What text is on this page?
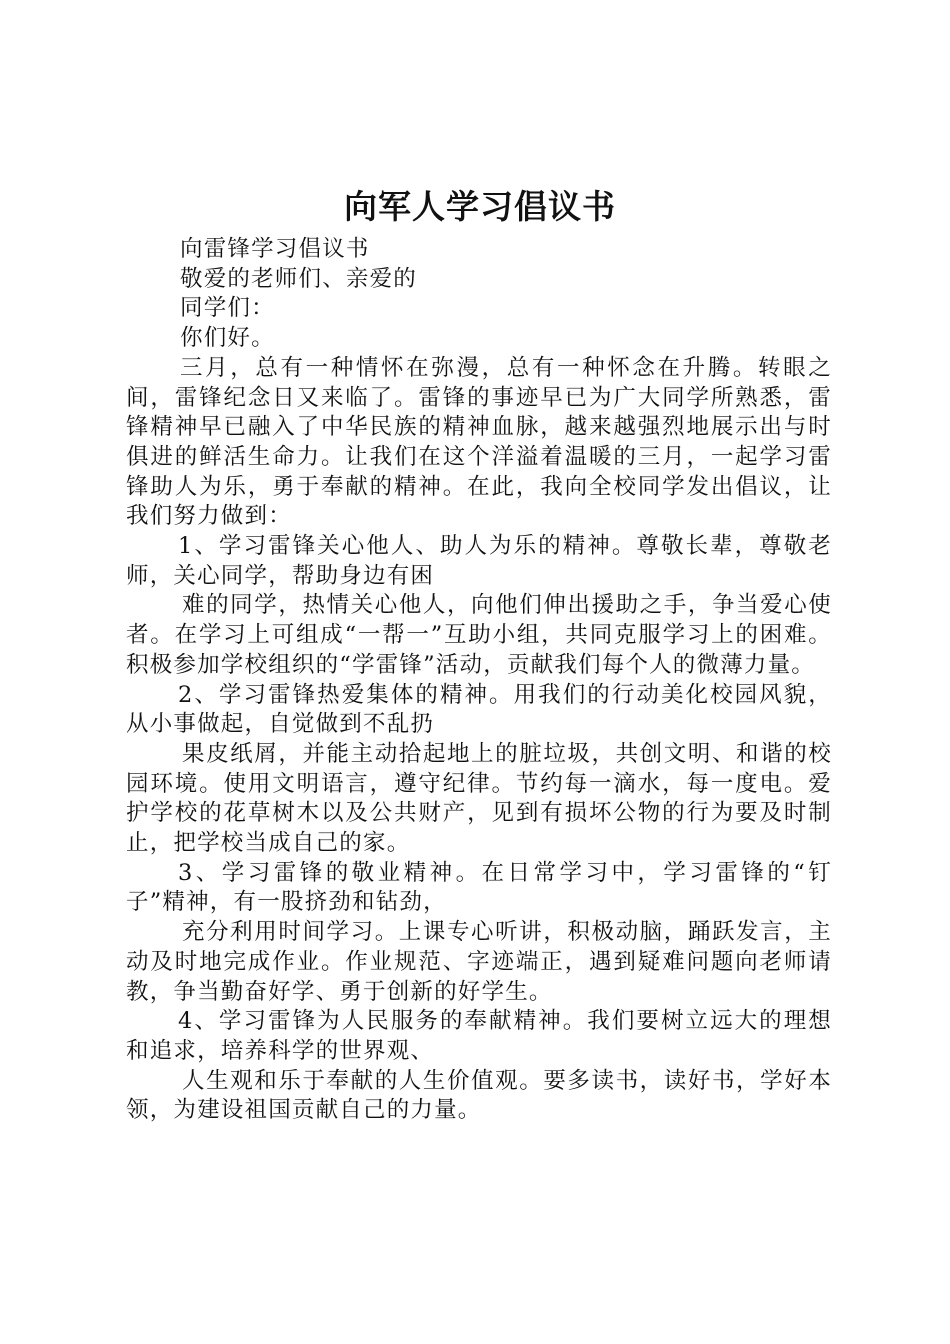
向军人学习倡议书

向雷锋学习倡议书

敬爱的老师们、亲爱的

同学们：

你们好。

三月，总有一种情怀在弥漫，总有一种怀念在升腾。转眼之间，雷锋纪念日又来临了。雷锋的事迹早已为广大同学所熟悉，雷锋精神早已融入了中华民族的精神血脉，越来越强烈地展示出与时俱进的鲜活生命力。让我们在这个洋溢着温暖的三月，一起学习雷锋助人为乐，勇于奉献的精神。在此，我向全校同学发出倡议，让我们努力做到：

1、学习雷锋关心他人、助人为乐的精神。尊敬长辈，尊敬老师，关心同学，帮助身边有困

难的同学，热情关心他人，向他们伸出援助之手，争当爱心使者。在学习上可组成“一帮一”互助小组，共同克服学习上的困难。积极参加学校组织的“学雷锋”活动，贡献我们每个人的微薄力量。

2、学习雷锋热爱集体的精神。用我们的行动美化校园风貌，从小事做起，自觉做到不乱扔

果皮纸屑，并能主动拾起地上的脏垃圾，共创文明、和谐的校园环境。使用文明语言，遵守纪律。节约每一滴水，每一度电。爱护学校的花草树木以及公共财产，见到有损坏公物的行为要及时制止，把学校当成自己的家。

3、学习雷锋的敬业精神。在日常学习中，学习雷锋的“钉子”精神，有一股挤劲和钻劲，

充分利用时间学习。上课专心听讲，积极动脑，踊跃发言，主动及时地完成作业。作业规范、字迹端正，遇到疑难问题向老师请教，争当勤奋好学、勇于创新的好学生。

4、学习雷锋为人民服务的奉献精神。我们要树立远大的理想和追求，培养科学的世界观、

人生观和乐于奉献的人生价值观。要多读书，读好书，学好本领，为建设祖国贡献自己的力量。
